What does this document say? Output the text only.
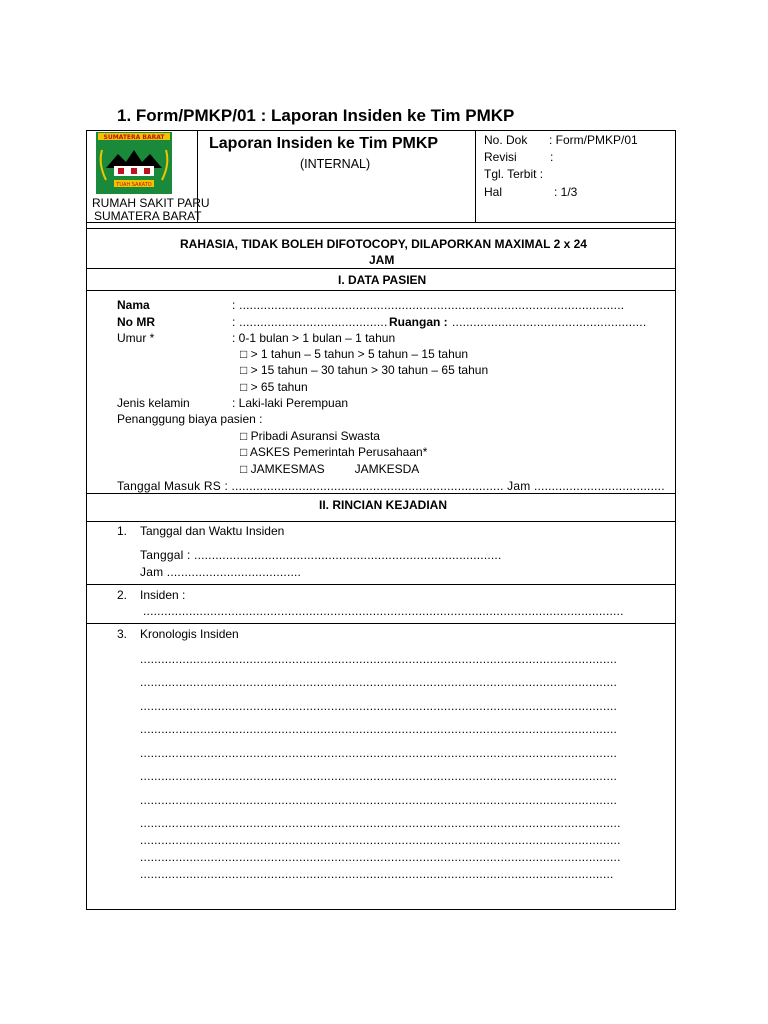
1. Form/PMKP/01 : Laporan Insiden ke Tim PMKP
SUMATERA BARAT
TUAH SAKATO
RUMAH SAKIT PARU
SUMATERA BARAT
Laporan Insiden ke Tim PMKP
(INTERNAL)
No. Dok : Form/PMKP/01
Revisi	:
Tgl. Terbit :
Hal	: 1/3
RAHASIA, TIDAK BOLEH DIFOTOCOPY, DILAPORKAN MAXIMAL 2 x 24
JAM
I. DATA PASIEN
Nama	: .............................................................................................................
No MR	: .......................................... Ruangan : .......................................................
Umur *	: 0-1 bulan > 1 bulan – 1 tahun
□ > 1 tahun – 5 tahun > 5 tahun – 15 tahun
□ > 15 tahun – 30 tahun > 30 tahun – 65 tahun
□ > 65 tahun
Jenis kelamin	: Laki-laki Perempuan
Penanggung biaya pasien :
□ Pribadi Asuransi Swasta
□ ASKES Pemerintah Perusahaan*
□ JAMKESMAS         JAMKESDA
Tanggal Masuk RS : ............................................................................. Jam .....................................
II. RINCIAN KEJADIAN
1. Tanggal dan Waktu Insiden
Tanggal : .......................................................................................
Jam ......................................
2. Insiden :
........................................................................................................................................
3. Kronologis Insiden
.......................................................................................................................................
.......................................................................................................................................
.......................................................................................................................................
.......................................................................................................................................
.......................................................................................................................................
.......................................................................................................................................
.......................................................................................................................................
........................................................................................................................................
........................................................................................................................................
........................................................................................................................................
......................................................................................................................................
